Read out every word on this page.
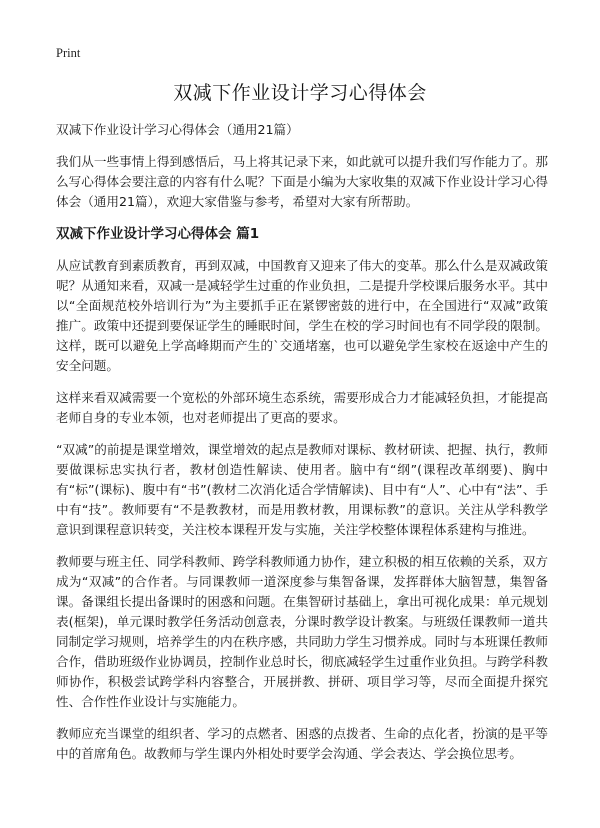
Print
双减下作业设计学习心得体会
双减下作业设计学习心得体会（通用21篇）

我们从一些事情上得到感悟后，马上将其记录下来，如此就可以提升我们写作能力了。那么写心得体会要注意的内容有什么呢？下面是小编为大家收集的双减下作业设计学习心得体会（通用21篇），欢迎大家借鉴与参考，希望对大家有所帮助。

双减下作业设计学习心得体会 篇1

从应试教育到素质教育，再到双减，中国教育又迎来了伟大的变革。那么什么是双减政策呢？从通知来看，双减一是减轻学生过重的作业负担，二是提升学校课后服务水平。其中以“全面规范校外培训行为”为主要抓手正在紧锣密鼓的进行中，在全国进行“双减”政策推广。政策中还提到要保证学生的睡眠时间，学生在校的学习时间也有不同学段的限制。这样，既可以避免上学高峰期而产生的`交通堵塞，也可以避免学生家校在返途中产生的安全问题。

这样来看双减需要一个宽松的外部环境生态系统，需要形成合力才能减轻负担，才能提高老师自身的专业本领，也对老师提出了更高的要求。

“双减”的前提是课堂增效，课堂增效的起点是教师对课标、教材研读、把握、执行，教师要做课标忠实执行者，教材创造性解读、使用者。脑中有“纲”(课程改革纲要)、胸中有“标”(课标)、腹中有“书”(教材二次消化适合学情解读)、目中有“人”、心中有“法”、手中有“技”。教师要有“不是教教材，而是用教材教，用课标教”的意识。关注从学科教学意识到课程意识转变，关注校本课程开发与实施，关注学校整体课程体系建构与推进。

教师要与班主任、同学科教师、跨学科教师通力协作，建立积极的相互依赖的关系，双方成为“双减”的合作者。与同课教师一道深度参与集智备课，发挥群体大脑智慧，集智备课。备课组长提出备课时的困惑和问题。在集智研讨基础上，拿出可视化成果：单元规划表(框架)，单元课时教学任务活动创意表，分课时教学设计教案。与班级任课教师一道共同制定学习规则，培养学生的内在秩序感，共同助力学生习惯养成。同时与本班课任教师合作，借助班级作业协调员，控制作业总时长，彻底减轻学生过重作业负担。与跨学科教师协作，积极尝试跨学科内容整合，开展拼教、拼研、项目学习等，尽而全面提升探究性、合作性作业设计与实施能力。

教师应充当课堂的组织者、学习的点燃者、困惑的点拨者、生命的点化者，扮演的是平等中的首席角色。故教师与学生课内外相处时要学会沟通、学会表达、学会换位思考。
